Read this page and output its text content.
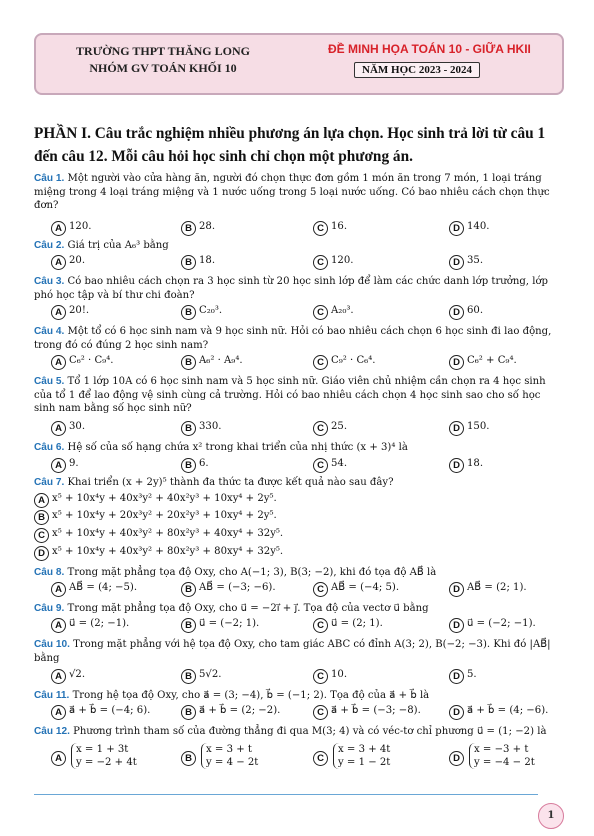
TRƯỜNG THPT THĂNG LONG
NHÓM GV TOÁN KHỐI 10
ĐỀ MINH HỌA TOÁN 10 - GIỮA HKII
NĂM HỌC 2023 - 2024
PHẦN I. Câu trắc nghiệm nhiều phương án lựa chọn. Học sinh trả lời từ câu 1 đến câu 12. Mỗi câu hỏi học sinh chỉ chọn một phương án.
Câu 1. Một người vào cửa hàng ăn, người đó chọn thực đơn gồm 1 món ăn trong 7 món, 1 loại tráng miệng trong 4 loại tráng miệng và 1 nước uống trong 5 loại nước uống. Có bao nhiêu cách chọn thực đơn?
A 120.	B 28.	C 16.	D 140.
Câu 2. Giá trị của A₆³ bằng
A 20.	B 18.	C 120.	D 35.
Câu 3. Có bao nhiêu cách chọn ra 3 học sinh từ 20 học sinh lớp để làm các chức danh lớp trưởng, lớp phó học tập và bí thư chi đoàn?
A 20!.	B C₂₀³.	C A₂₀³.	D 60.
Câu 4. Một tổ có 6 học sinh nam và 9 học sinh nữ. Hỏi có bao nhiêu cách chọn 6 học sinh đi lao động, trong đó có đúng 2 học sinh nam?
A C₆² · C₉⁴.	B A₆² · A₉⁴.	C C₉² · C₆⁴.	D C₆² + C₉⁴.
Câu 5. Tổ 1 lớp 10A có 6 học sinh nam và 5 học sinh nữ. Giáo viên chủ nhiệm cần chọn ra 4 học sinh của tổ 1 để lao động vệ sinh cùng cả trường. Hỏi có bao nhiêu cách chọn 4 học sinh sao cho số học sinh nam bằng số học sinh nữ?
A 30.	B 330.	C 25.	D 150.
Câu 6. Hệ số của số hạng chứa x² trong khai triển của nhị thức (x + 3)⁴ là
A 9.	B 6.	C 54.	D 18.
Câu 7. Khai triển (x + 2y)⁵ thành đa thức ta được kết quả nào sau đây?
A x⁵ + 10x⁴y + 40x³y² + 40x²y³ + 10xy⁴ + 2y⁵.
B x⁵ + 10x⁴y + 20x³y² + 20x²y³ + 10xy⁴ + 2y⁵.
C x⁵ + 10x⁴y + 40x³y² + 80x²y³ + 40xy⁴ + 32y⁵.
D x⁵ + 10x⁴y + 40x³y² + 80x²y³ + 80xy⁴ + 32y⁵.
Câu 8. Trong mặt phẳng tọa độ Oxy, cho A(−1; 3), B(3; −2), khi đó tọa độ AB⃗ là
A AB⃗ = (4; −5).	B AB⃗ = (−3; −6).	C AB⃗ = (−4; 5).	D AB⃗ = (2; 1).
Câu 9. Trong mặt phẳng tọa độ Oxy, cho u⃗ = −2i⃗ + j⃗. Tọa độ của vectơ u⃗ bằng
A u⃗ = (2; −1).	B u⃗ = (−2; 1).	C u⃗ = (2; 1).	D u⃗ = (−2; −1).
Câu 10. Trong mặt phẳng với hệ tọa độ Oxy, cho tam giác ABC có đỉnh A(3; 2), B(−2; −3). Khi đó |AB⃗| bằng
A √2.	B 5√2.	C 10.	D 5.
Câu 11. Trong hệ tọa độ Oxy, cho a⃗ = (3; −4), b⃗ = (−1; 2). Tọa độ của a⃗ + b⃗ là
A a⃗ + b⃗ = (−4; 6).	B a⃗ + b⃗ = (2; −2).	C a⃗ + b⃗ = (−3; −8).	D a⃗ + b⃗ = (4; −6).
Câu 12. Phương trình tham số của đường thẳng đi qua M(3; 4) và có véc-tơ chỉ phương u⃗ = (1; −2) là
A
x = 1 + 3t
y = −2 + 4t	B
x = 3 + t
y = 4 − 2t	C
x = 3 + 4t
y = 1 − 2t	D
x = −3 + t
y = −4 − 2t
1
